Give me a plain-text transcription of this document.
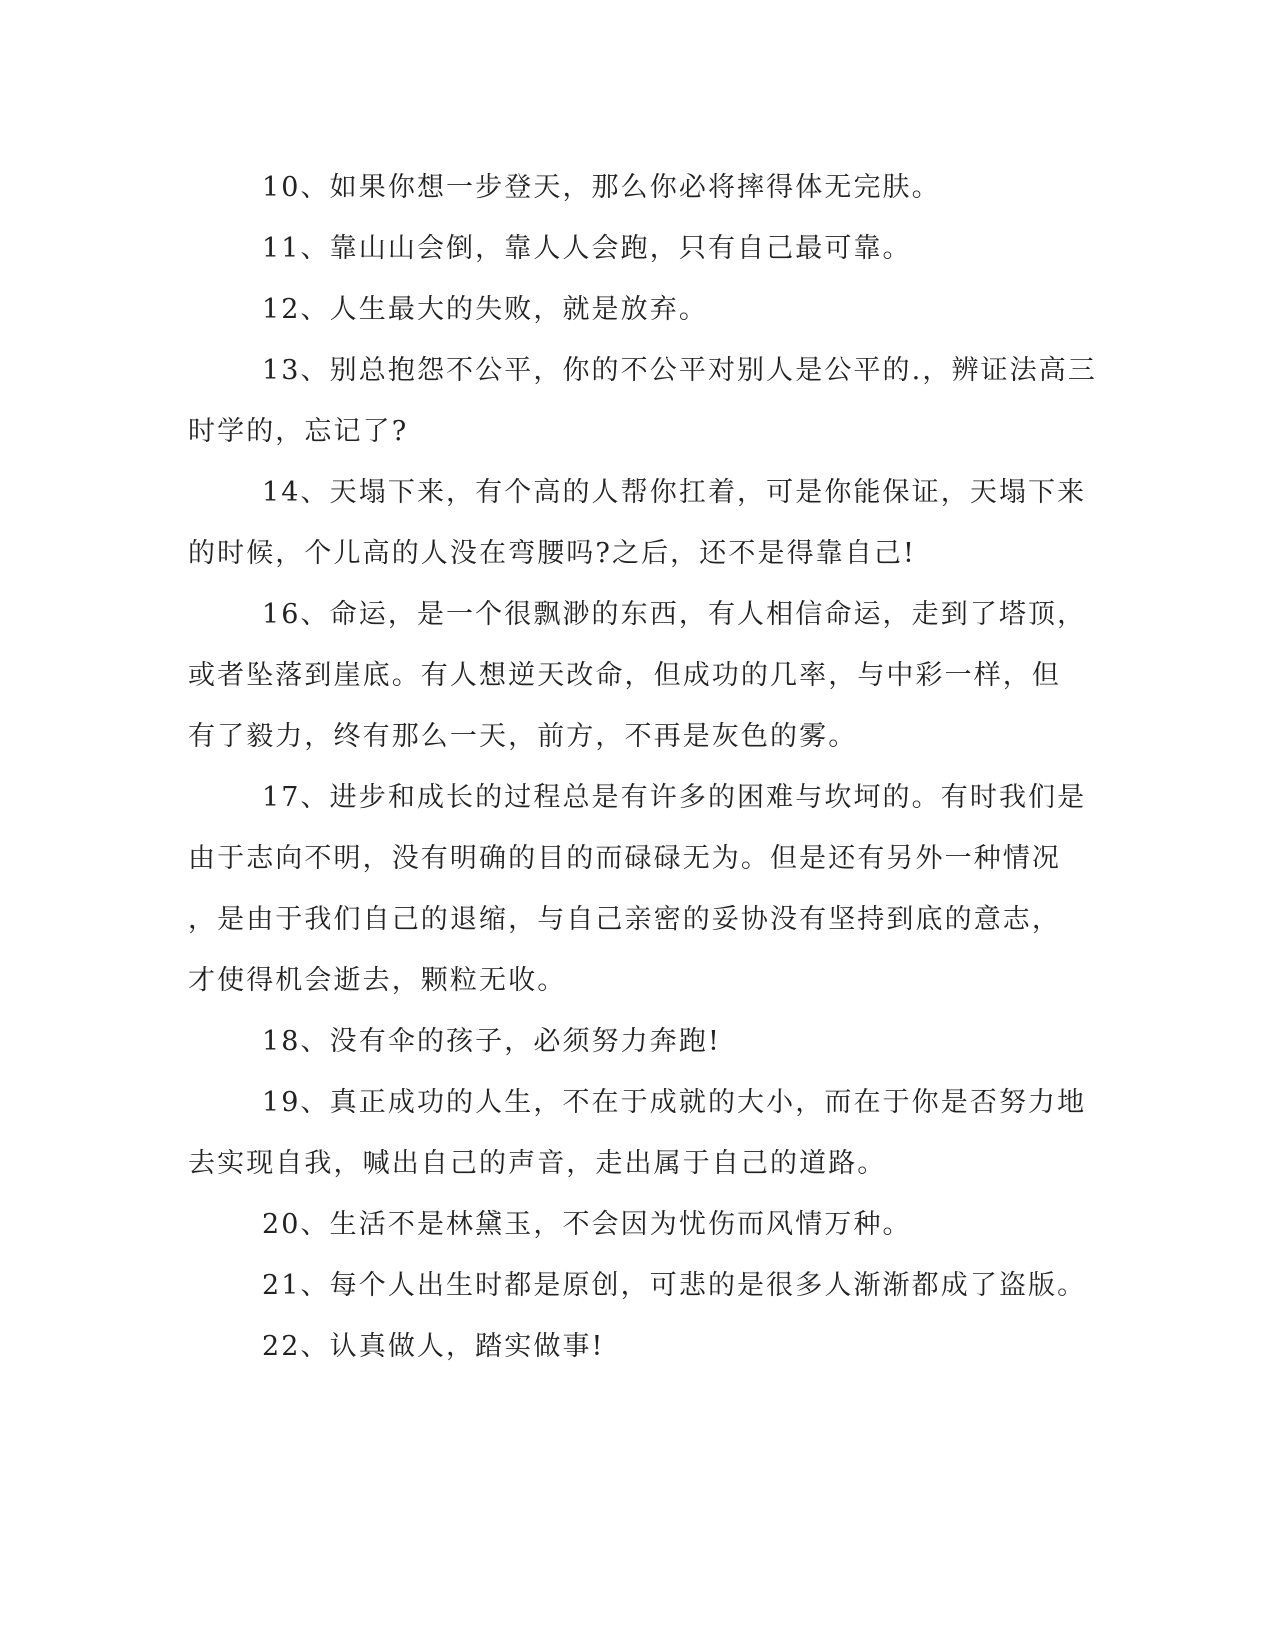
10、如果你想一步登天，那么你必将摔得体无完肤。
11、靠山山会倒，靠人人会跑，只有自己最可靠。
12、人生最大的失败，就是放弃。
13、别总抱怨不公平，你的不公平对别人是公平的.，辨证法高三
时学的，忘记了?
14、天塌下来，有个高的人帮你扛着，可是你能保证，天塌下来
的时候，个儿高的人没在弯腰吗?之后，还不是得靠自己!
16、命运，是一个很飘渺的东西，有人相信命运，走到了塔顶，
或者坠落到崖底。有人想逆天改命，但成功的几率，与中彩一样，但
有了毅力，终有那么一天，前方，不再是灰色的雾。
17、进步和成长的过程总是有许多的困难与坎坷的。有时我们是
由于志向不明，没有明确的目的而碌碌无为。但是还有另外一种情况
，是由于我们自己的退缩，与自己亲密的妥协没有坚持到底的意志，
才使得机会逝去，颗粒无收。
18、没有伞的孩子，必须努力奔跑!
19、真正成功的人生，不在于成就的大小，而在于你是否努力地
去实现自我，喊出自己的声音，走出属于自己的道路。
20、生活不是林黛玉，不会因为忧伤而风情万种。
21、每个人出生时都是原创，可悲的是很多人渐渐都成了盗版。
22、认真做人，踏实做事!
